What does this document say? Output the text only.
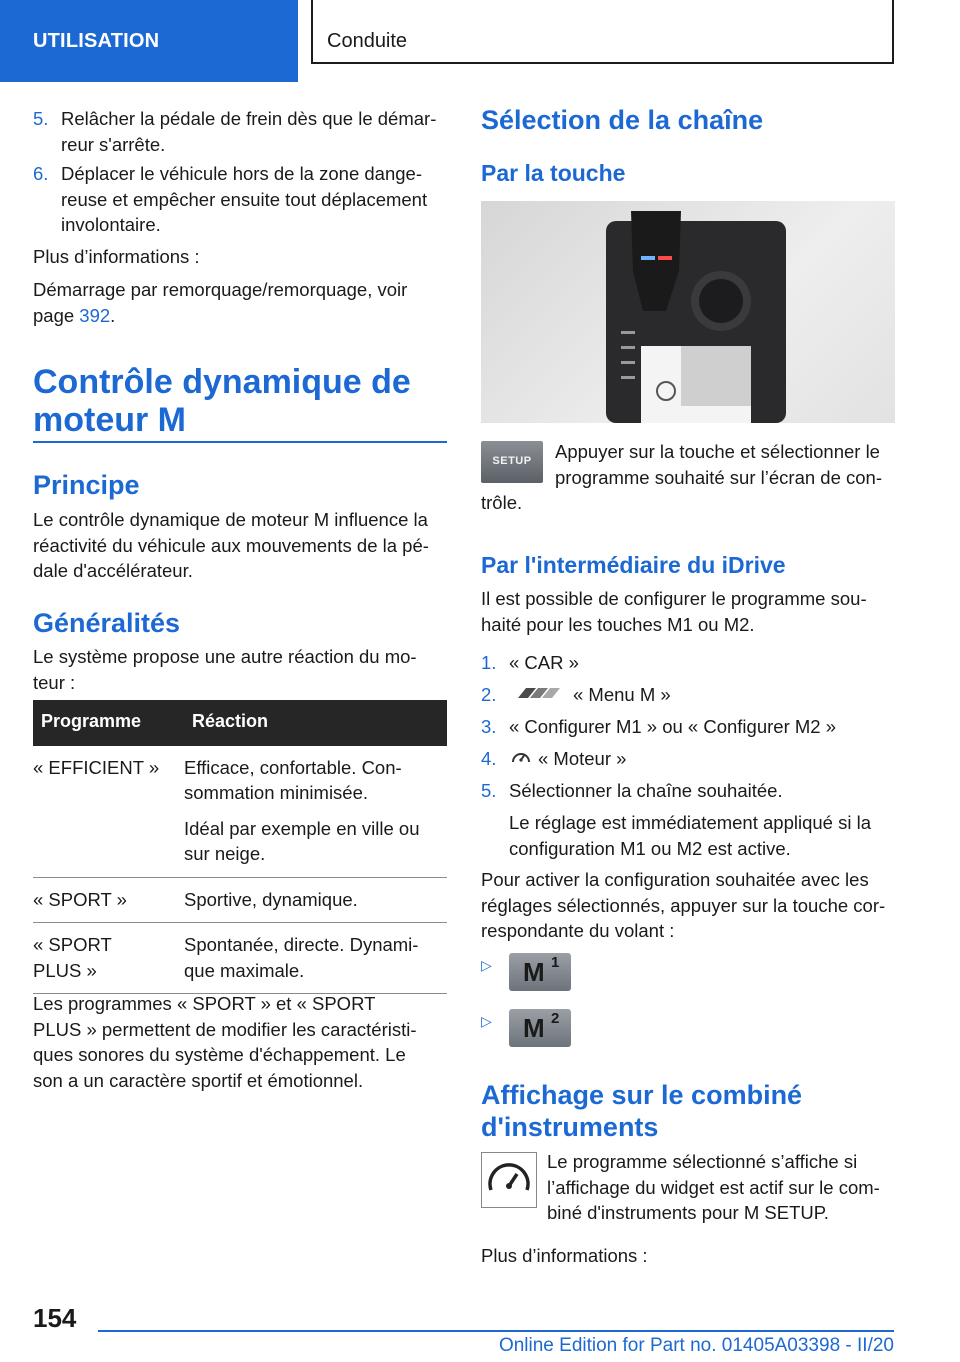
UTILISATION	Conduite
5. Relâcher la pédale de frein dès que le démar-
reur s'arrête.
6. Déplacer le véhicule hors de la zone dange-
reuse et empêcher ensuite tout déplacement
involontaire.
Plus d’informations :
Démarrage par remorquage/remorquage, voir
page 392.
Contrôle dynamique de
moteur M
Principe
Le contrôle dynamique de moteur M influence la
réactivité du véhicule aux mouvements de la pé-
dale d'accélérateur.
Généralités
Le système propose une autre réaction du mo-
teur :
Programme	Réaction
« EFFICIENT »	Efficace, confortable. Con-
sommation minimisée.

Idéal par exemple en ville ou
sur neige.

« SPORT »	Sportive, dynamique.

« SPORT
PLUS »	Spontanée, directe. Dynami-
que maximale.

Les programmes « SPORT » et « SPORT
PLUS » permettent de modifier les caractéristi-
ques sonores du système d'échappement. Le
son a un caractère sportif et émotionnel.
Sélection de la chaîne
Par la touche
SETUP	Appuyer sur la touche et sélectionner le
programme souhaité sur l’écran de con-
trôle.
Par l'intermédiaire du iDrive
Il est possible de configurer le programme sou-
haité pour les touches M1 ou M2.
1. « CAR »
2.	« Menu M »
3. « Configurer M1 » ou « Configurer M2 »
4. « Moteur »
5. Sélectionner la chaîne souhaitée.
Le réglage est immédiatement appliqué si la
configuration M1 ou M2 est active.
Pour activer la configuration souhaitée avec les
réglages sélectionnés, appuyer sur la touche cor-
respondante du volant :
▷ M 1
▷ M 2
Affichage sur le combiné
d'instruments
Le programme sélectionné s’affiche si
l’affichage du widget est actif sur le com-
biné d'instruments pour M SETUP.
Plus d’informations :
154
Online Edition for Part no. 01405A03398 - II/20
